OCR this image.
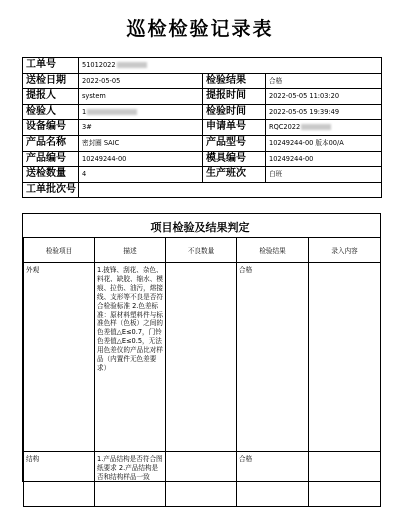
巡检检验记录表
工单号	51012022		
送检日期	2022-05-05	检验结果	合格
提报人	system	提报时间	2022-05-05 11:03:20
检验人	1	检验时间	2022-05-05 19:39:49
设备编号	3#	申请单号	RQC2022
产品名称	密封圈 SAIC	产品型号	10249244-00 版本00/A
产品编号	10249244-00	模具编号	10249244-00
送检数量	4	生产班次	白班
工单批次号			
项目检验及结果判定
检验项目	描述	不良数量	检验结果	录入内容
外观	1.披锋、刮花、杂色、料花、缺胶、缩水、模痕、拉伤、油污，熔接线、支形等不良是否符合检验标准 2.色差标准：原材料塑料件与标准色样（色板）之间的色差值△E≤0.7，门铃色差值△E≤0.5，无法用色差仪的产品比对样品（内置件无色差要求）		合格	
结构	1.产品结构是否符合图纸要求 2.产品结构是否和结构样品一致		合格	
